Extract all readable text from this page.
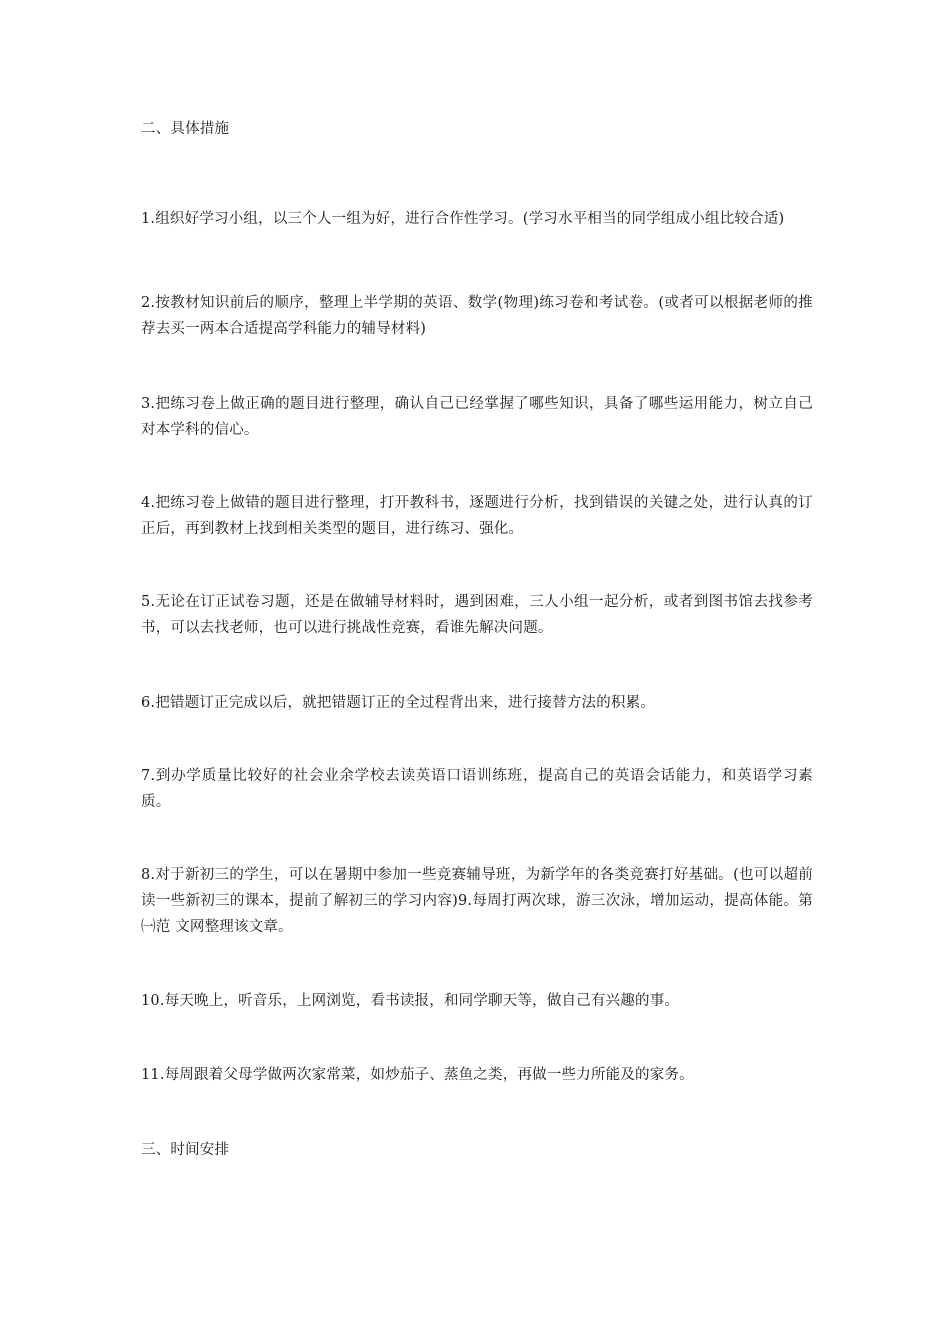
二、具体措施

1.组织好学习小组，以三个人一组为好，进行合作性学习。(学习水平相当的同学组成小组比较合适)

2.按教材知识前后的顺序，整理上半学期的英语、数学(物理)练习卷和考试卷。(或者可以根据老师的推荐去买一两本合适提高学科能力的辅导材料)

3.把练习卷上做正确的题目进行整理，确认自己已经掌握了哪些知识，具备了哪些运用能力，树立自己对本学科的信心。

4.把练习卷上做错的题目进行整理，打开教科书，逐题进行分析，找到错误的关键之处，进行认真的订正后，再到教材上找到相关类型的题目，进行练习、强化。

5.无论在订正试卷习题，还是在做辅导材料时，遇到困难，三人小组一起分析，或者到图书馆去找参考书，可以去找老师，也可以进行挑战性竞赛，看谁先解决问题。

6.把错题订正完成以后，就把错题订正的全过程背出来，进行接替方法的积累。

7.到办学质量比较好的社会业余学校去读英语口语训练班，提高自己的英语会话能力，和英语学习素质。

8.对于新初三的学生，可以在暑期中参加一些竞赛辅导班，为新学年的各类竞赛打好基础。(也可以超前读一些新初三的课本，提前了解初三的学习内容)9.每周打两次球，游三次泳，增加运动，提高体能。第㈠范 文网整理该文章。

10.每天晚上，听音乐，上网浏览，看书读报，和同学聊天等，做自己有兴趣的事。

11.每周跟着父母学做两次家常菜，如炒茄子、蒸鱼之类，再做一些力所能及的家务。

三、时间安排
